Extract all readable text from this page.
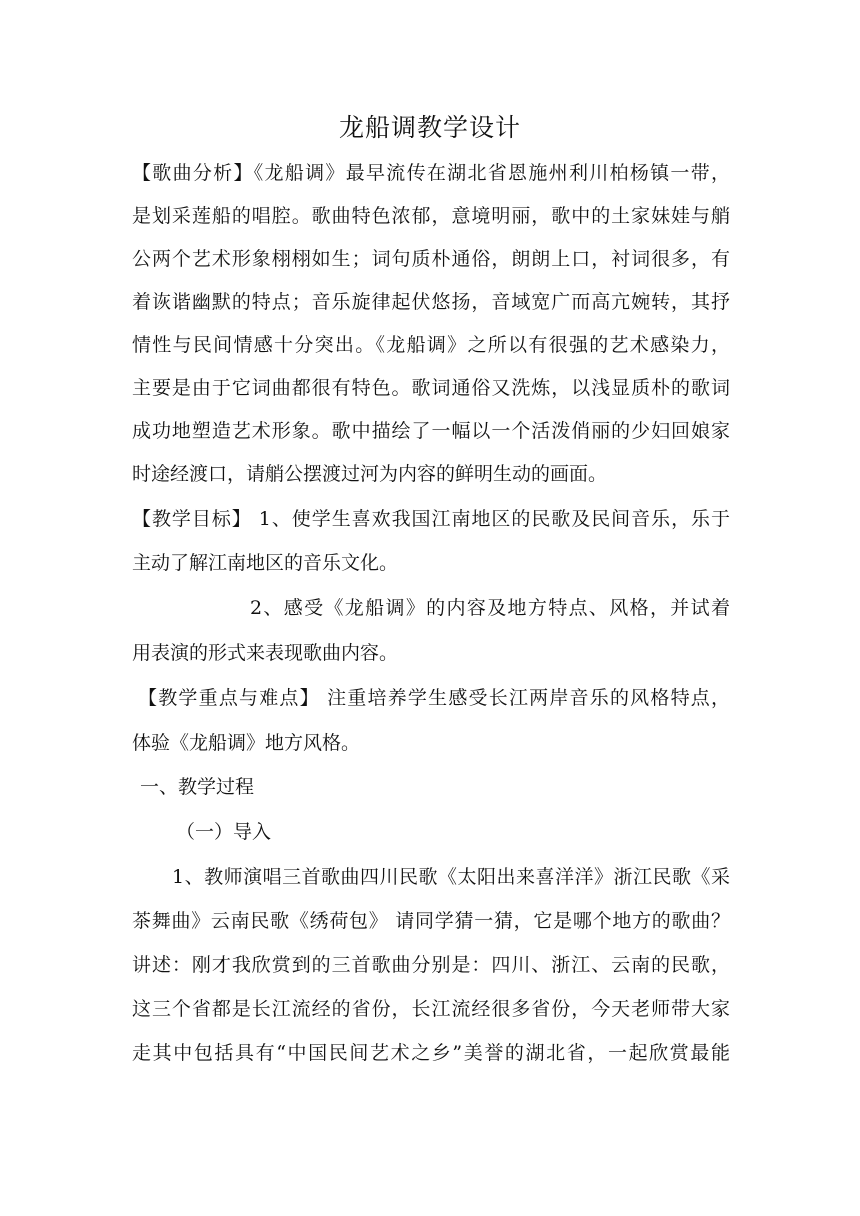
龙船调教学设计
【歌曲分析】《龙船调》最早流传在湖北省恩施州利川柏杨镇一带，
是划采莲船的唱腔。歌曲特色浓郁，意境明丽，歌中的土家妹娃与艄
公两个艺术形象栩栩如生；词句质朴通俗，朗朗上口，衬词很多，有
着诙谐幽默的特点；音乐旋律起伏悠扬，音域宽广而高亢婉转，其抒
情性与民间情感十分突出。《龙船调》之所以有很强的艺术感染力，
主要是由于它词曲都很有特色。歌词通俗又洗炼，以浅显质朴的歌词
成功地塑造艺术形象。歌中描绘了一幅以一个活泼俏丽的少妇回娘家
时途经渡口，请艄公摆渡过河为内容的鲜明生动的画面。
【教学目标】 1、使学生喜欢我国江南地区的民歌及民间音乐，乐于
主动了解江南地区的音乐文化。
2、感受《龙船调》的内容及地方特点、风格，并试着
用表演的形式来表现歌曲内容。
【教学重点与难点】 注重培养学生感受长江两岸音乐的风格特点，
体验《龙船调》地方风格。
一、教学过程
（一）导入
1、教师演唱三首歌曲四川民歌《太阳出来喜洋洋》浙江民歌《采
茶舞曲》云南民歌《绣荷包》 请同学猜一猜，它是哪个地方的歌曲？
讲述：刚才我欣赏到的三首歌曲分别是：四川、浙江、云南的民歌，
这三个省都是长江流经的省份，长江流经很多省份，今天老师带大家
走其中包括具有“中国民间艺术之乡”美誉的湖北省，一起欣赏最能
